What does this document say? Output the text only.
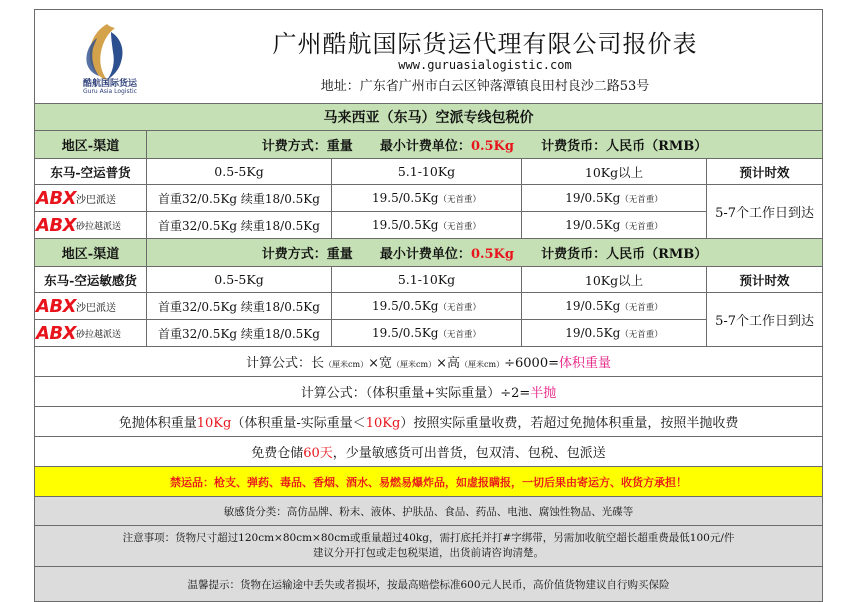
酷航国际货运
Guru Asia Logistic
广州酷航国际货运代理有限公司报价表
www.guruasialogistic.com
地址：广东省广州市白云区钟落潭镇良田村良沙二路53号				

马来西亚（东马）空派专线包税价				
地区-渠道	计费方式：重量 最小计费单位：0.5Kg 计费货币：人民币（RMB）			
东马-空运普货	0.5-5Kg	5.1-10Kg	10Kg以上	预计时效

ABX 沙巴派送	首重32/0.5Kg 续重18/0.5Kg	19.5/0.5Kg（无首重）	19/0.5Kg（无首重）	5-7个工作日到达

ABX 砂拉越派送	首重32/0.5Kg 续重18/0.5Kg	19.5/0.5Kg（无首重）	19/0.5Kg（无首重）	
地区-渠道	计费方式：重量 最小计费单位：0.5Kg 计费货币：人民币（RMB）			
东马-空运敏感货	0.5-5Kg	5.1-10Kg	10Kg以上	预计时效

ABX 沙巴派送	首重32/0.5Kg 续重18/0.5Kg	19.5/0.5Kg（无首重）	19/0.5Kg（无首重）	5-7个工作日到达

ABX 砂拉越派送	首重32/0.5Kg 续重18/0.5Kg	19.5/0.5Kg（无首重）	19/0.5Kg（无首重）	
计算公式：长（厘米cm）×宽（厘米cm）×高（厘米cm）÷6000=体积重量				
计算公式：（体积重量+实际重量）÷2=半抛				
免抛体积重量10Kg（体积重量-实际重量＜10Kg）按照实际重量收费，若超过免抛体积重量，按照半抛收费				
免费仓储60天，少量敏感货可出普货，包双清、包税、包派送				
禁运品：枪支、弹药、毒品、香烟、酒水、易燃易爆炸品，如虚报瞒报，一切后果由寄运方、收货方承担！				
敏感货分类：高仿品牌、粉末、液体、护肤品、食品、药品、电池、腐蚀性物品、光碟等				

注意事项：货物尺寸超过120cm×80cm×80cm或重量超过40kg，需打底托并打#字绑带，另需加收航空超长超重费最低100元/件
建议分开打包或走包税渠道，出货前请咨询清楚。				

温馨提示：货物在运输途中丢失或者损坏，按最高赔偿标准600元人民币，高价值货物建议自行购买保险				
